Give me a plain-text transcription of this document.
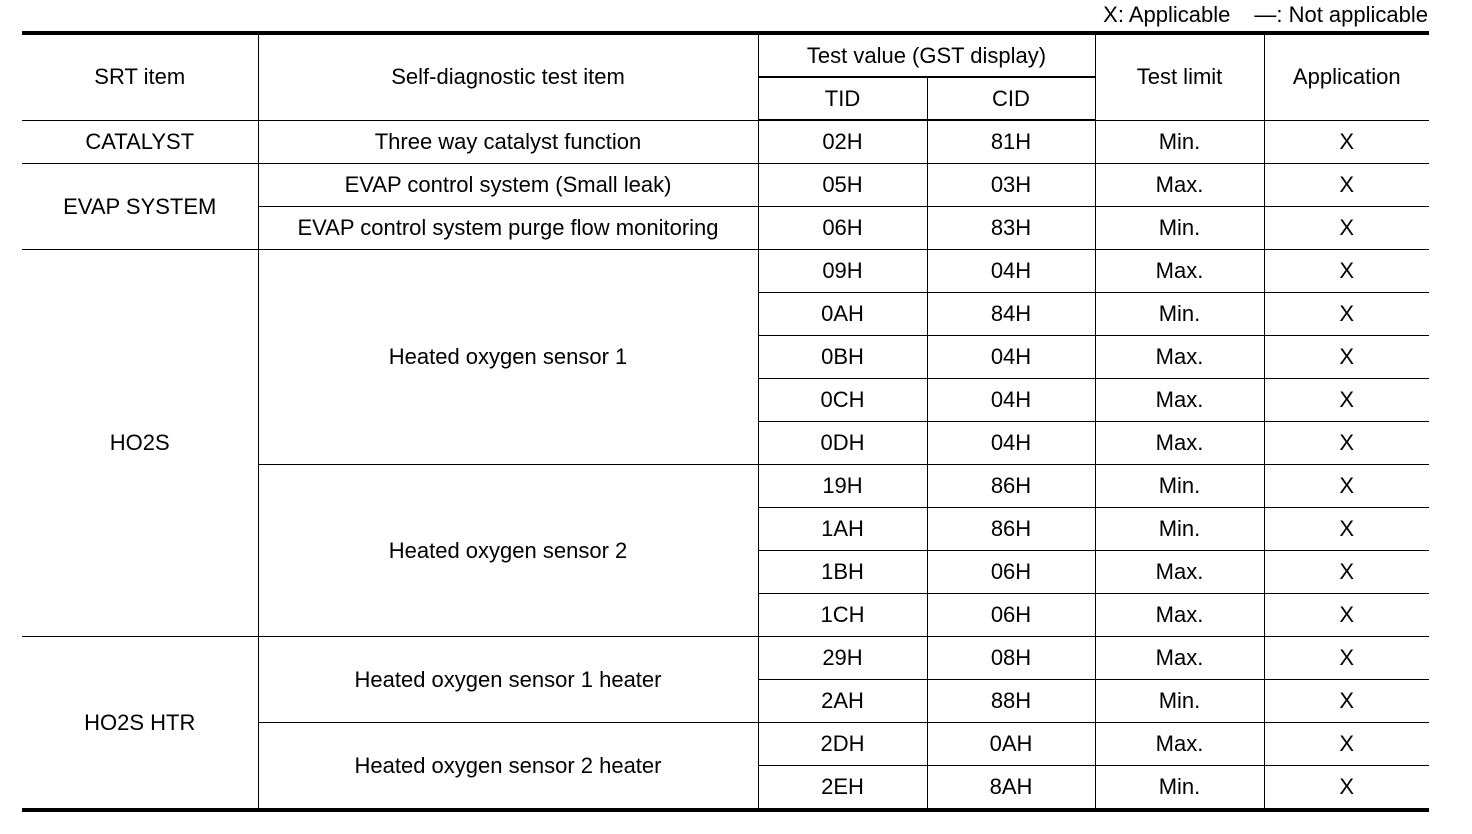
X: Applicable —: Not applicable
SRT item	Self-diagnostic test item	Test value (GST display)		Test limit	Application
		TID	CID		
CATALYST	Three way catalyst function	02H	81H	Min.	X
EVAP SYSTEM	EVAP control system (Small leak)	05H	03H	Max.	X
	EVAP control system purge flow monitoring	06H	83H	Min.	X
HO2S	Heated oxygen sensor 1	09H	04H	Max.	X
		0AH	84H	Min.	X
		0BH	04H	Max.	X
		0CH	04H	Max.	X
		0DH	04H	Max.	X
	Heated oxygen sensor 2	19H	86H	Min.	X
		1AH	86H	Min.	X
		1BH	06H	Max.	X
		1CH	06H	Max.	X
HO2S HTR	Heated oxygen sensor 1 heater	29H	08H	Max.	X
		2AH	88H	Min.	X
	Heated oxygen sensor 2 heater	2DH	0AH	Max.	X
		2EH	8AH	Min.	X
